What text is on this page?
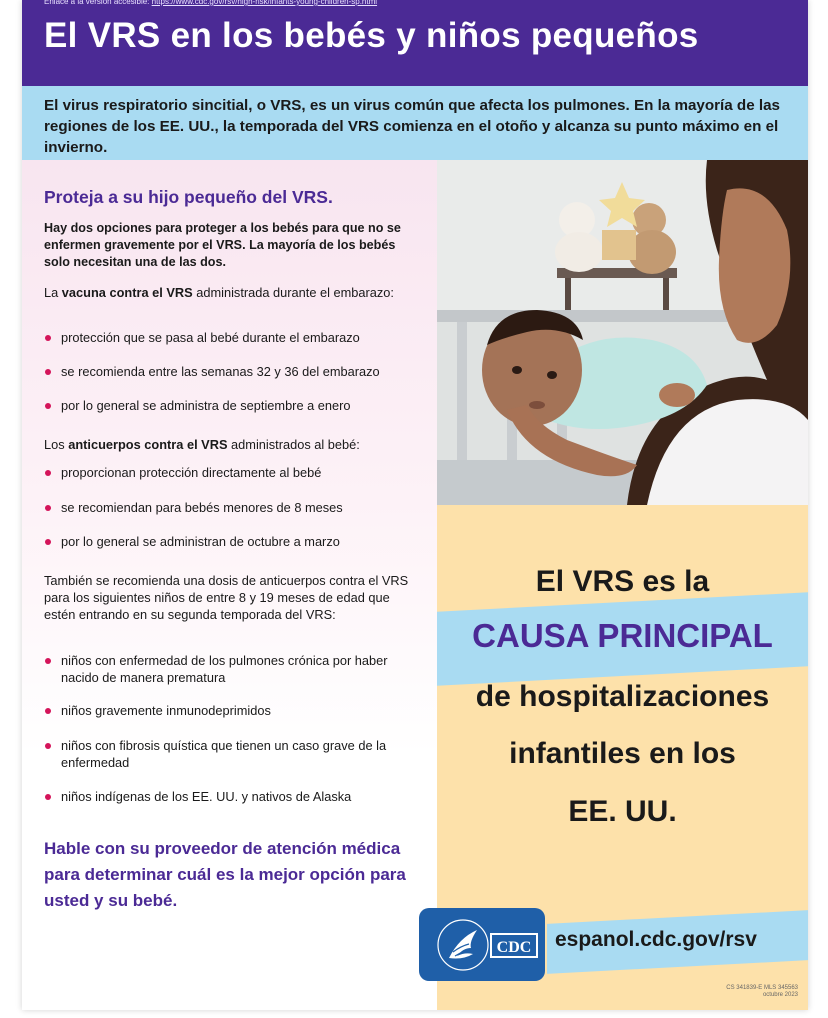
Enlace a la versión accesible: https://www.cdc.gov/rsv/high-risk/infants-young-children-sp.html
El VRS en los bebés y niños pequeños

El virus respiratorio sincitial, o VRS, es un virus común que afecta los pulmones. En la mayoría de las regiones de los EE. UU., la temporada del VRS comienza en el otoño y alcanza su punto máximo en el invierno.

Proteja a su hijo pequeño del VRS.

Hay dos opciones para proteger a los bebés para que no se enfermen gravemente por el VRS. La mayoría de los bebés solo necesitan una de las dos.

La vacuna contra el VRS administrada durante el embarazo:

protección que se pasa al bebé durante el embarazo
se recomienda entre las semanas 32 y 36 del embarazo
por lo general se administra de septiembre a enero

Los anticuerpos contra el VRS administrados al bebé:

proporcionan protección directamente al bebé
se recomiendan para bebés menores de 8 meses
por lo general se administran de octubre a marzo

También se recomienda una dosis de anticuerpos contra el VRS para los siguientes niños de entre 8 y 19 meses de edad que estén entrando en su segunda temporada del VRS:

niños con enfermedad de los pulmones crónica por haber nacido de manera prematura
niños gravemente inmunodeprimidos
niños con fibrosis quística que tienen un caso grave de la enfermedad
niños indígenas de los EE. UU. y nativos de Alaska

Hable con su proveedor de atención médica para determinar cuál es la mejor opción para usted y su bebé.

El VRS es la
CAUSA PRINCIPAL
de hospitalizaciones
infantiles en los
EE. UU.
espanol.cdc.gov/rsv
CDC
CS 341839-E MLS 345563
octubre 2023
